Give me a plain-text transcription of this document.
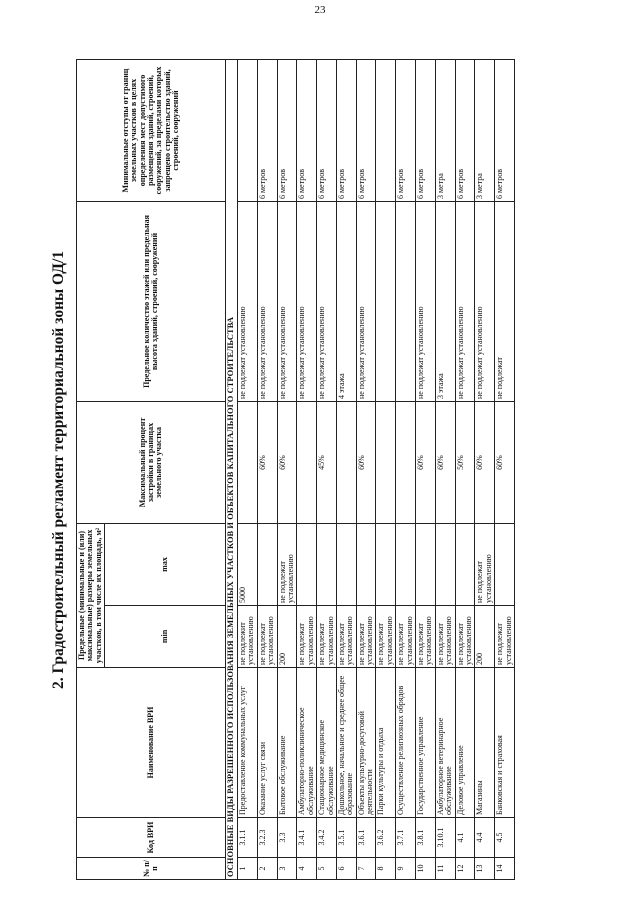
23
2. Градостроительный регламент территориальной зоны ОД/1
№ п/п	Код ВРИ	Наименование ВРИ	Предельные (минимальные и (или) максимальные) размеры земельных участков, в том числе их площадь, м²		Максимальный процент застройки в границах земельного участка	Предельное количество этажей или предельная высота зданий, строений, сооружений	Минимальные отступы от границ земельных участков в целях определения мест допустимого размещения зданий, строений, сооружений, за пределами которых запрещено строительство зданий, строений, сооружений
			min	max			
ОСНОВНЫЕ ВИДЫ РАЗРЕШЕННОГО ИСПОЛЬЗОВАНИЯ ЗЕМЕЛЬНЫХ УЧАСТКОВ И ОБЪЕКТОВ КАПИТАЛЬНОГО СТРОИТЕЛЬСТВА							
1	3.1.1	Предоставление коммунальных услуг	не подлежит установлению	5000		не подлежат установлению	
2	3.2.3	Оказание услуг связи	не подлежат установлению		60%	не подлежат установлению	6 метров
3	3.3	Бытовое обслуживание	200	не подлежат установлению	60%	не подлежат установлению	6 метров
4	3.4.1	Амбулаторно-поликлиническое обслуживание	не подлежат установлению			не подлежат установлению	6 метров
5	3.4.2	Стационарное медицинское обслуживание	не подлежат установлению		45%	не подлежат установлению	6 метров
6	3.5.1	Дошкольное, начальное и среднее общее образование	не подлежат установлению			4 этажа	6 метров
7	3.6.1	Объекты культурно-досуговой деятельности	не подлежат установлению		60%	не подлежат установлению	6 метров
8	3.6.2	Парки культуры и отдыха	не подлежат установлению				
9	3.7.1	Осуществление религиозных обрядов	не подлежат установлению				6 метров
10	3.8.1	Государственное управление	не подлежат установлению		60%	не подлежат установлению	6 метров
11	3.10.1	Амбулаторное ветеринарное обслуживание	не подлежат установлению		60%	3 этажа	3 метра
12	4.1	Деловое управление	не подлежат установлению		50%	не подлежат установлению	6 метров
13	4.4	Магазины	200	не подлежат установлению	60%	не подлежат установлению	3 метра
14	4.5	Банковская и страховая	не подлежат установлению		60%	не подлежат	6 метров
